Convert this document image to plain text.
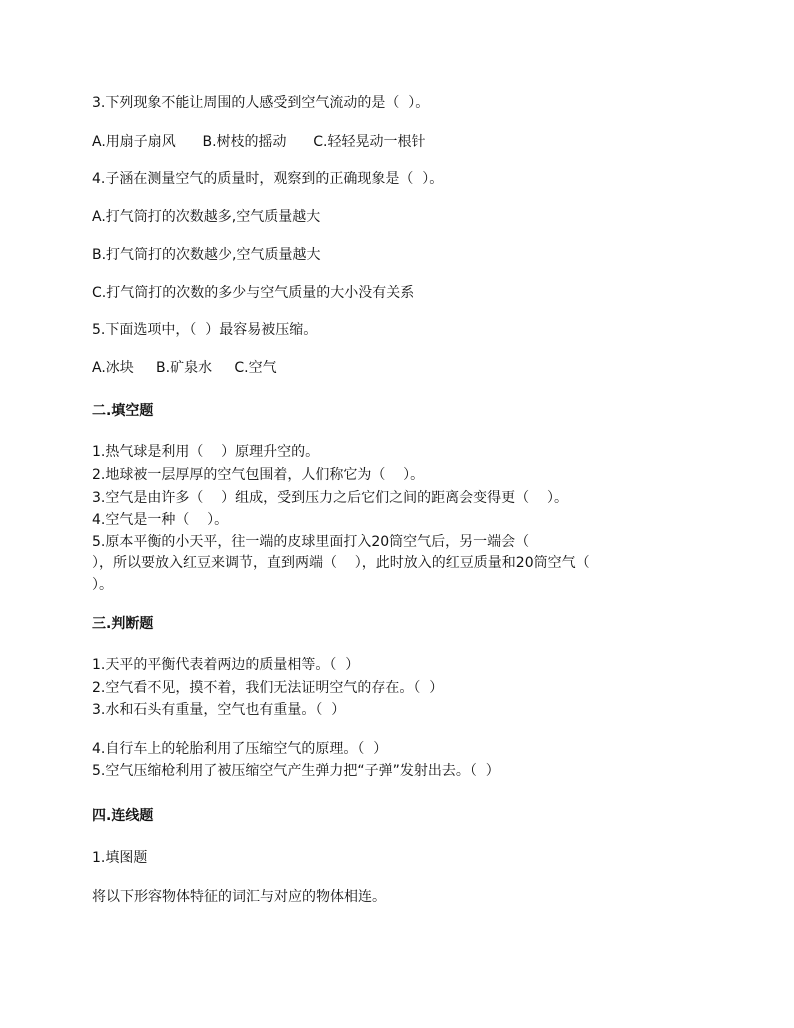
3.下列现象不能让周围的人感受到空气流动的是（  ）。
A.用扇子扇风      B.树枝的摇动      C.轻轻晃动一根针
4.子涵在测量空气的质量时，观察到的正确现象是（  ）。
A.打气筒打的次数越多,空气质量越大
B.打气筒打的次数越少,空气质量越大
C.打气筒打的次数的多少与空气质量的大小没有关系
5.下面选项中，（  ）最容易被压缩。
A.冰块     B.矿泉水     C.空气
二.填空题
1.热气球是利用（    ）原理升空的。
2.地球被一层厚厚的空气包围着，人们称它为（    ）。
3.空气是由许多（    ）组成，受到压力之后它们之间的距离会变得更（    ）。
4.空气是一种（    ）。
5.原本平衡的小天平，往一端的皮球里面打入20筒空气后，另一端会（
），所以要放入红豆来调节，直到两端（    ），此时放入的红豆质量和20筒空气（
）。
三.判断题
1.天平的平衡代表着两边的质量相等。（  ）
2.空气看不见，摸不着，我们无法证明空气的存在。（  ）
3.水和石头有重量，空气也有重量。（  ）
4.自行车上的轮胎利用了压缩空气的原理。（  ）
5.空气压缩枪利用了被压缩空气产生弹力把“子弹”发射出去。（  ）
四.连线题
1.填图题
将以下形容物体特征的词汇与对应的物体相连。
